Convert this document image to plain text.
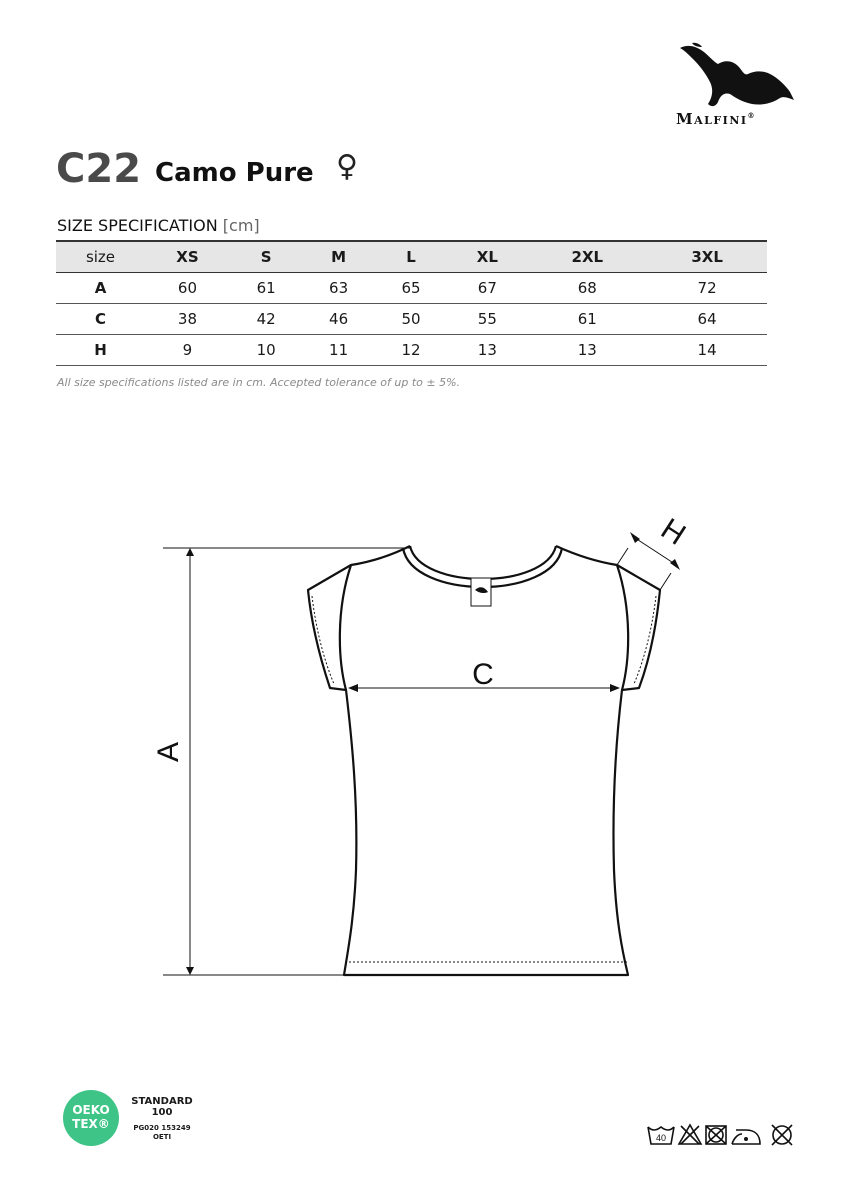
Malfini®
C22 Camo Pure ♀
SIZE SPECIFICATION [cm]
size	XS	S	M	L	XL	2XL	3XL
A	60	61	63	65	67	68	72
C	38	42	46	50	55	61	64
H	9	10	11	12	13	13	14
All size specifications listed are in cm. Accepted tolerance of up to ± 5%.
A
C
H
OEKO
TEX®
STANDARD
100
PG020 153249
OETI	40
